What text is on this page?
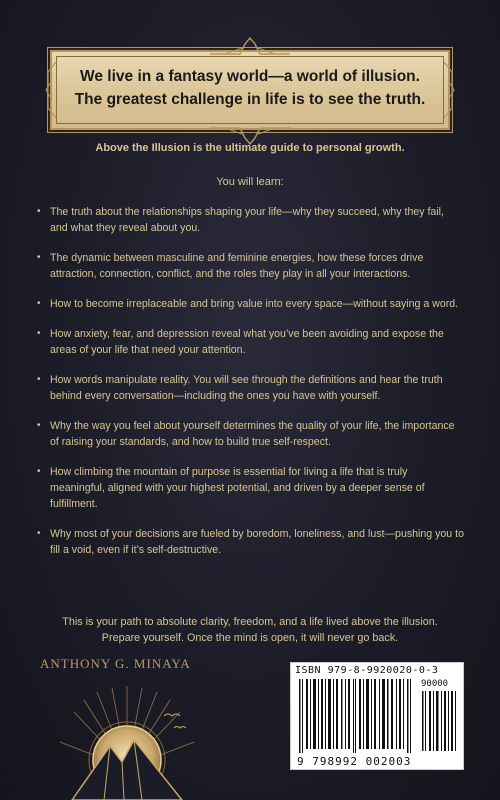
We live in a fantasy world—a world of illusion.
The greatest challenge in life is to see the truth.
Above the Illusion is the ultimate guide to personal growth.
You will learn:
• The truth about the relationships shaping your life—why they succeed, why they fail, and what they reveal about you.
• The dynamic between masculine and feminine energies, how these forces drive attraction, connection, conflict, and the roles they play in all your interactions.
• How to become irreplaceable and bring value into every space—without saying a word.
• How anxiety, fear, and depression reveal what you’ve been avoiding and expose the areas of your life that need your attention.
• How words manipulate reality. You will see through the definitions and hear the truth behind every conversation—including the ones you have with yourself.
• Why the way you feel about yourself determines the quality of your life, the importance of raising your standards, and how to build true self-respect.
• How climbing the mountain of purpose is essential for living a life that is truly meaningful, aligned with your highest potential, and driven by a deeper sense of fulfillment.
• Why most of your decisions are fueled by boredom, loneliness, and lust—pushing you to fill a void, even if it’s self-destructive.
This is your path to absolute clarity, freedom, and a life lived above the illusion.
Prepare yourself. Once the mind is open, it will never go back.
ANTHONY G. MINAYA	ISBN 979-8-9920020-0-3
90000
9 798992 002003
